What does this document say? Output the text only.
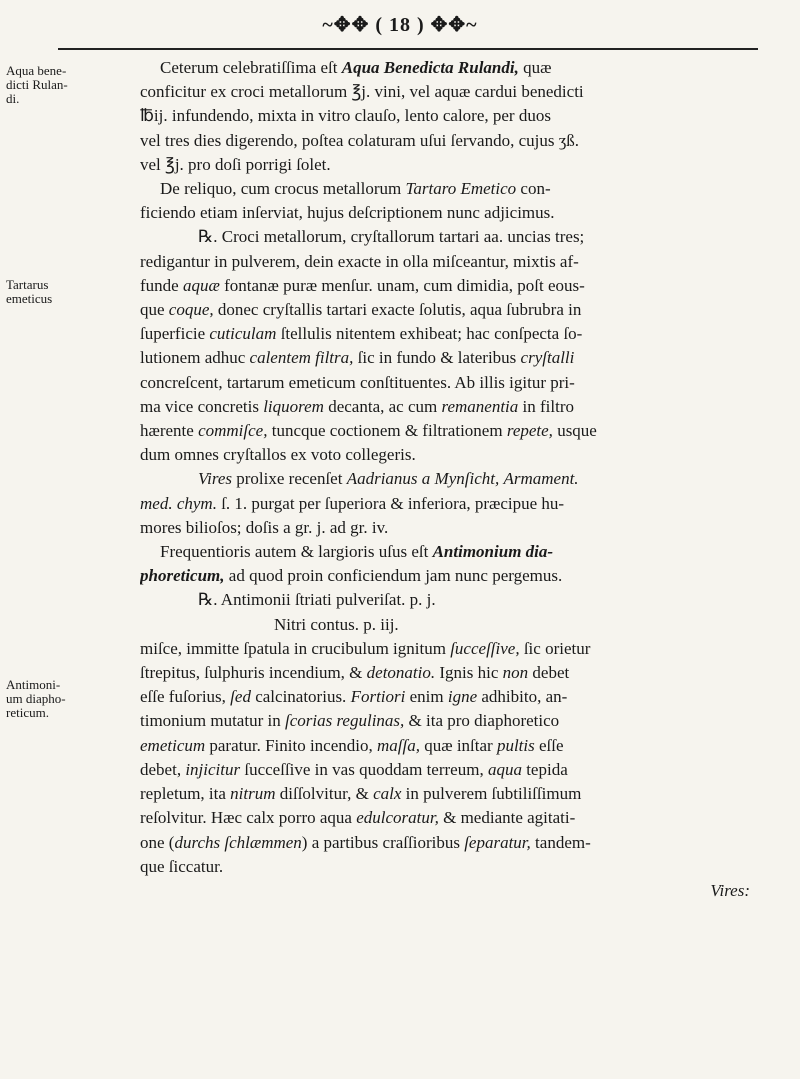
~✥✥ ( 18 ) ✥✥~
Aqua bene-
dicti Rulan-
di.
Tartarus
emeticus
Antimoni-
um diapho-
reticum.
Ceterum celebratiſſima eſt Aqua Benedicta Rulandi, quæ
conficitur ex croci metallorum ℥j. vini, vel aquæ cardui benedicti
℔ij. infundendo, mixta in vitro clauſo, lento calore, per duos
vel tres dies digerendo, poſtea colaturam uſui ſervando, cujus ʒß.
vel ℥j. pro doſi porrigi ſolet.
De reliquo, cum crocus metallorum Tartaro Emetico con-
ficiendo etiam inſerviat, hujus deſcriptionem nunc adjicimus.
℞. Croci metallorum, cryſtallorum tartari aa. uncias tres;
redigantur in pulverem, dein exacte in olla miſceantur, mixtis af-
funde aquæ fontanæ puræ menſur. unam, cum dimidia, poſt eous-
que coque, donec cryſtallis tartari exacte ſolutis, aqua ſubrubra in
ſuperficie cuticulam ſtellulis nitentem exhibeat; hac conſpecta ſo-
lutionem adhuc calentem filtra, ſic in fundo & lateribus cryſtalli
concreſcent, tartarum emeticum conſtituentes. Ab illis igitur pri-
ma vice concretis liquorem decanta, ac cum remanentia in filtro
hærente commiſce, tuncque coctionem & filtrationem repete, usque
dum omnes cryſtallos ex voto collegeris.
Vires prolixe recenſet Aadrianus a Mynſicht, Armament.
med. chym. ſ. 1. purgat per ſuperiora & inferiora, præcipue hu-
mores bilioſos; doſis a gr. j. ad gr. iv.
Frequentioris autem & largioris uſus eſt Antimonium dia-
phoreticum, ad quod proin conficiendum jam nunc pergemus.
℞. Antimonii ſtriati pulveriſat. p. j.
Nitri contus. p. iij.
miſce, immitte ſpatula in crucibulum ignitum ſucceſſive, ſic orietur
ſtrepitus, ſulphuris incendium, & detonatio. Ignis hic non debet
eſſe fuſorius, ſed calcinatorius. Fortiori enim igne adhibito, an-
timonium mutatur in ſcorias regulinas, & ita pro diaphoretico
emeticum paratur. Finito incendio, maſſa, quæ inſtar pultis eſſe
debet, injicitur ſucceſſive in vas quoddam terreum, aqua tepida
repletum, ita nitrum diſſolvitur, & calx in pulverem ſubtiliſſimum
reſolvitur. Hæc calx porro aqua edulcoratur, & mediante agitati-
one (durchs ſchlæmmen) a partibus craſſioribus ſeparatur, tandem-
que ſiccatur.
Vires:
